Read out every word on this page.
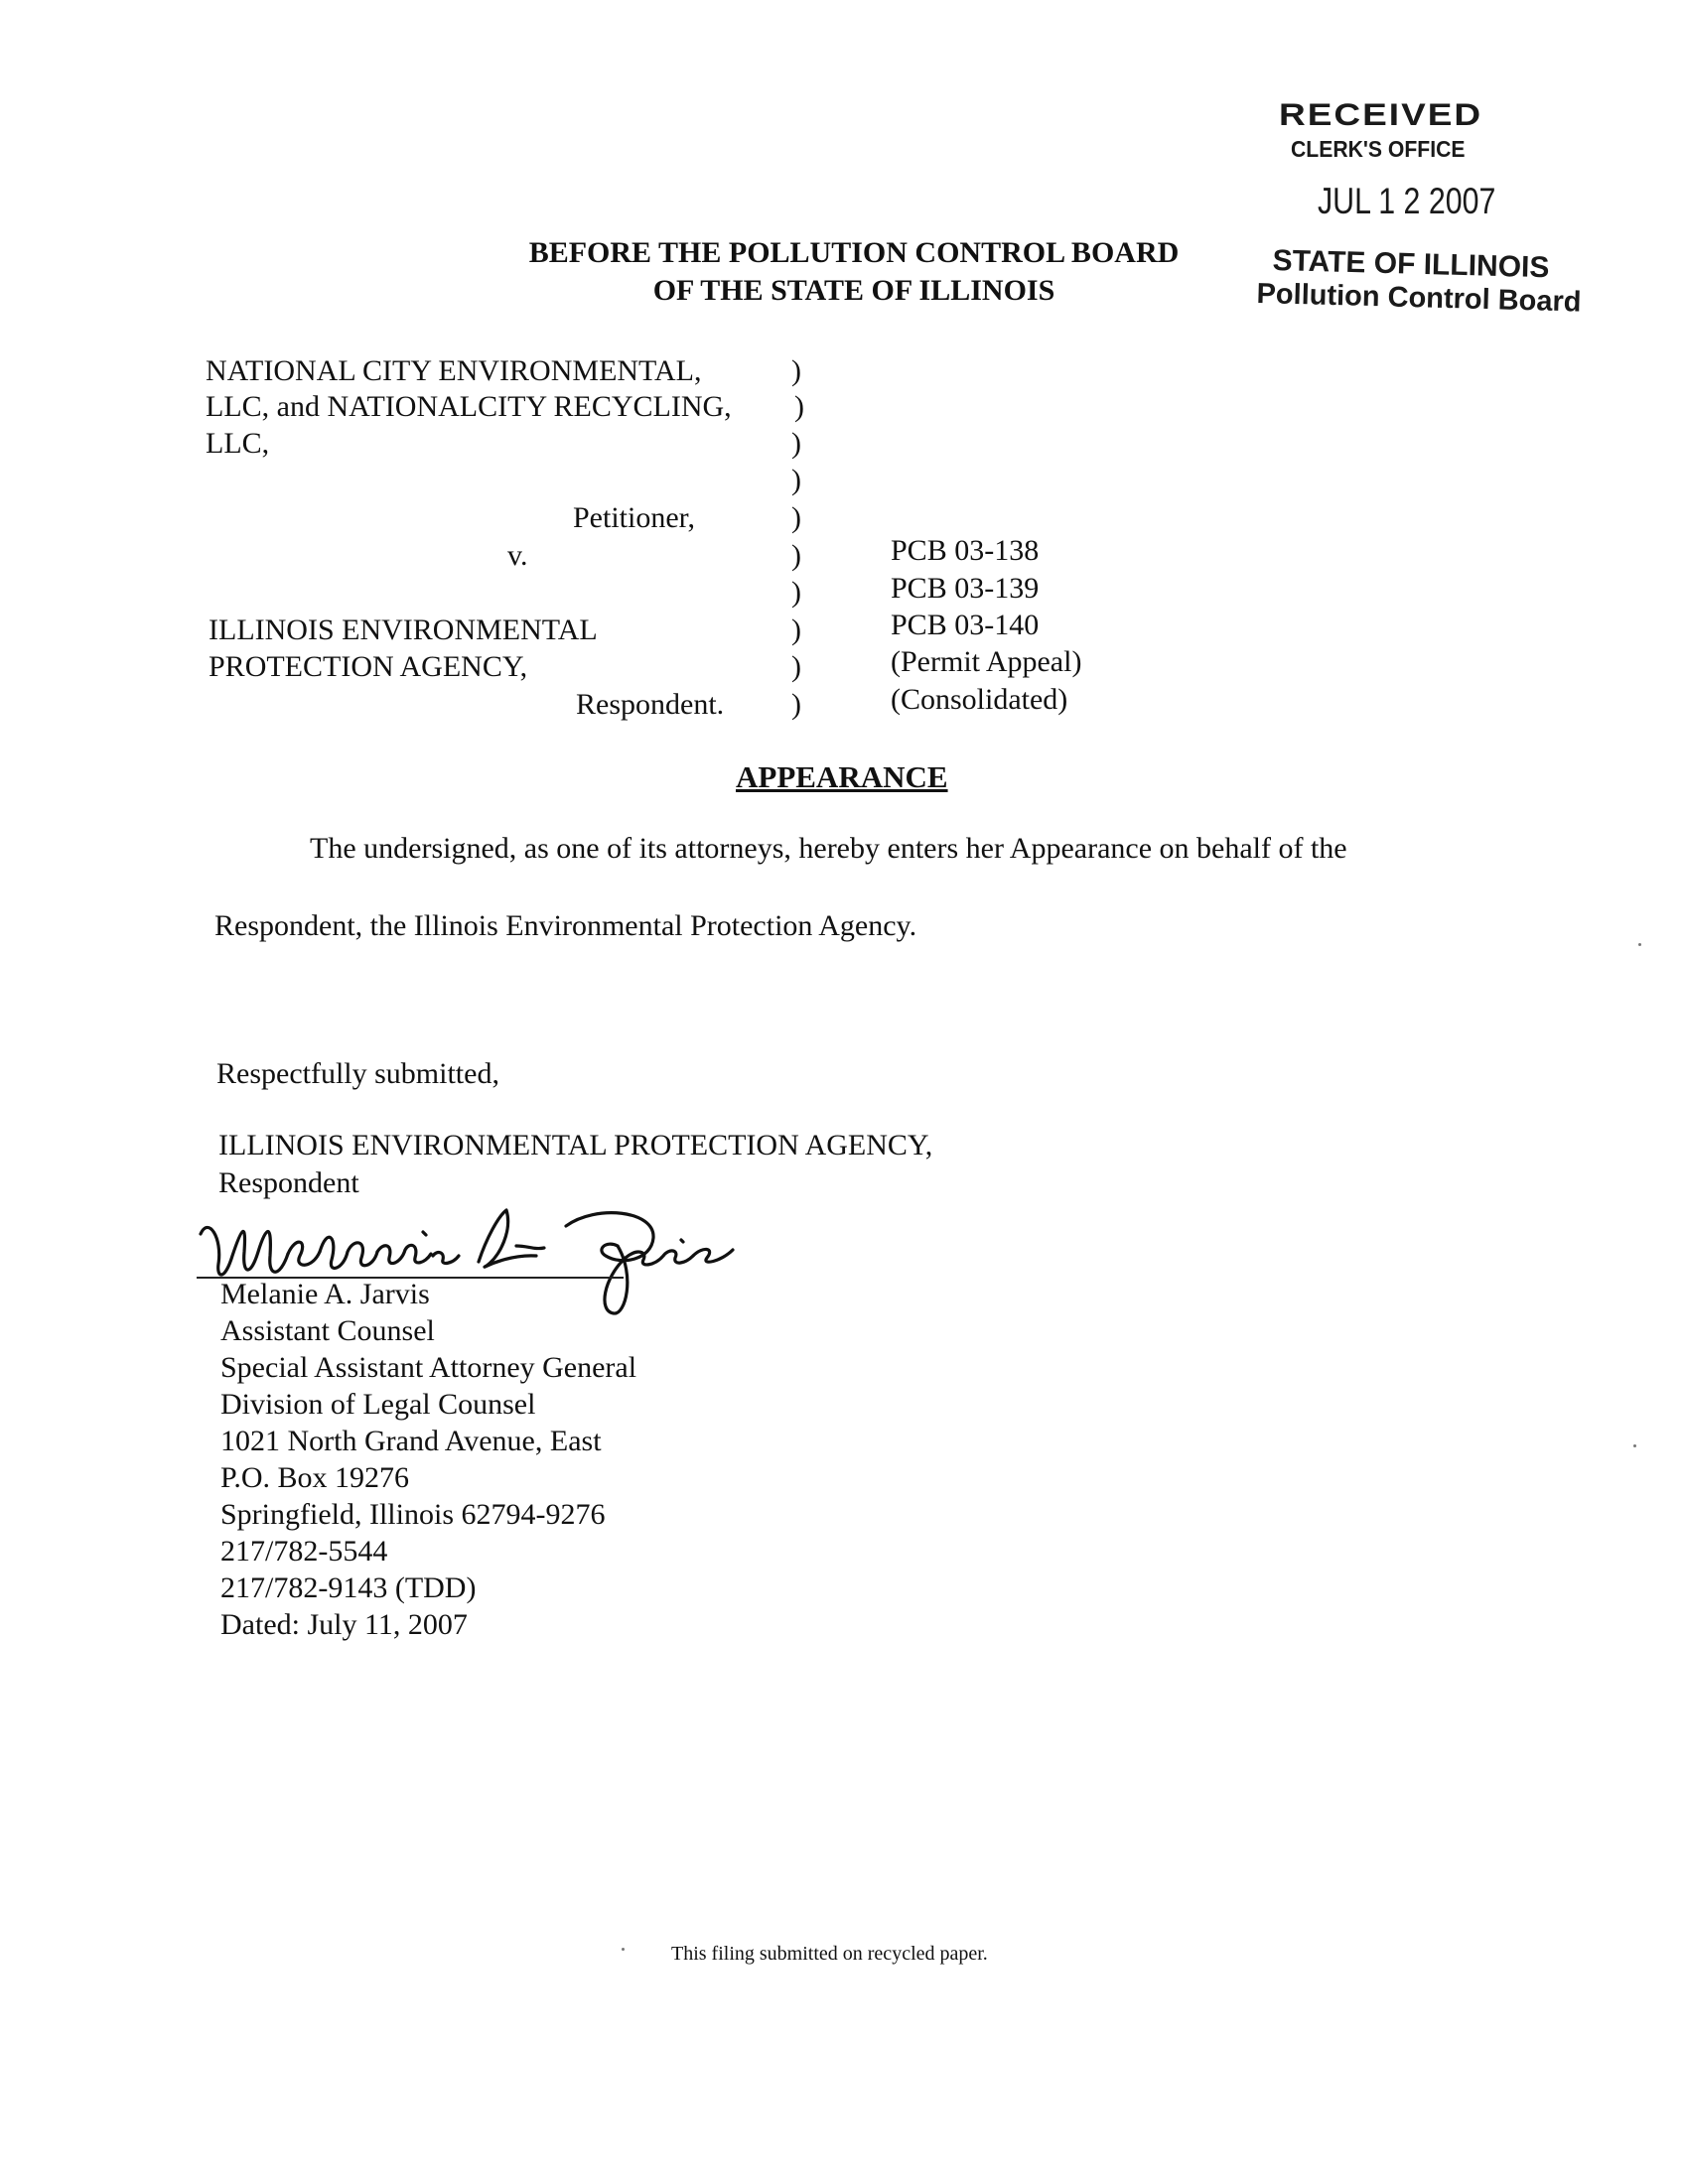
RECEIVED
CLERK'S OFFICE
JUL 1 2 2007
STATE OF ILLINOIS
Pollution Control Board
BEFORE THE POLLUTION CONTROL BOARD
OF THE STATE OF ILLINOIS
NATIONAL CITY ENVIRONMENTAL,
LLC, and NATIONALCITY RECYCLING,
LLC,
Petitioner,
v.
ILLINOIS ENVIRONMENTAL
PROTECTION AGENCY,
Respondent.
)
)
)
)
)
)
)
)
)
)
PCB 03-138
PCB 03-139
PCB 03-140
(Permit Appeal)
(Consolidated)
APPEARANCE
The undersigned, as one of its attorneys, hereby enters her Appearance on behalf of the
Respondent, the Illinois Environmental Protection Agency.
Respectfully submitted,
ILLINOIS ENVIRONMENTAL PROTECTION AGENCY,
Respondent
Melanie A. Jarvis
Assistant Counsel
Special Assistant Attorney General
Division of Legal Counsel
1021 North Grand Avenue, East
P.O. Box 19276
Springfield, Illinois 62794-9276
217/782-5544
217/782-9143 (TDD)
Dated: July 11, 2007
This filing submitted on recycled paper.
